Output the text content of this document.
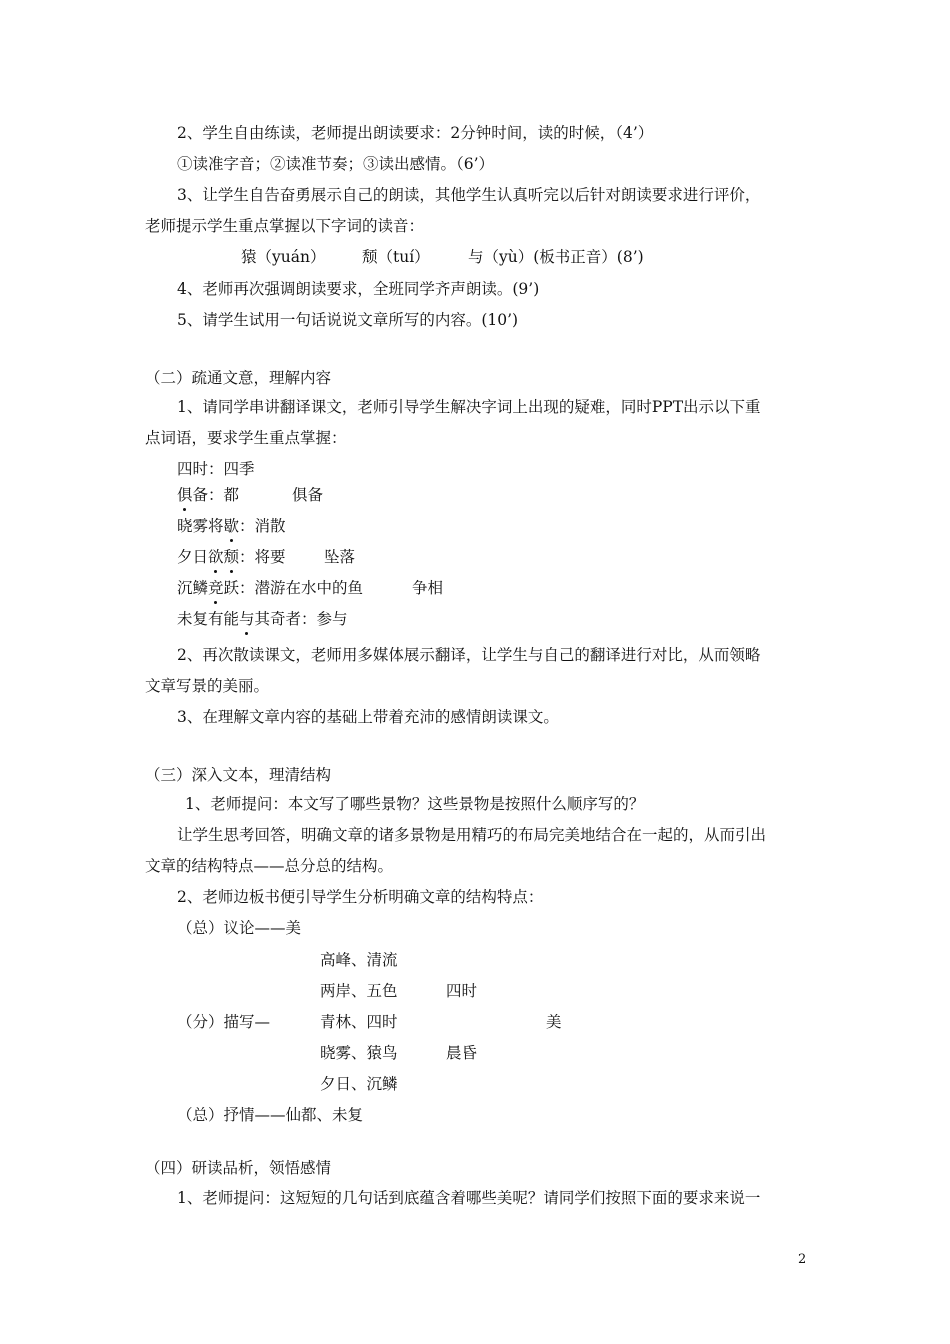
2、学生自由练读，老师提出朗读要求：2分钟时间，读的时候，（4’）
①读准字音；②读准节奏；③读出感情。（6’）
3、让学生自告奋勇展示自己的朗读，其他学生认真听完以后针对朗读要求进行评价，
老师提示学生重点掌握以下字词的读音：
猿（yuán） 颓（tuí） 与（yù）(板书正音）(8’)
4、老师再次强调朗读要求，全班同学齐声朗读。(9’)
5、请学生试用一句话说说文章所写的内容。(10’)
（二）疏通文意，理解内容
1、请同学串讲翻译课文，老师引导学生解决字词上出现的疑难，同时PPT出示以下重
点词语，要求学生重点掌握：
四时：四季
俱备：都	俱备
晓雾将歇：消散
夕日欲颓：将要 坠落
沉鳞竞跃：潜游在水中的鱼	争相
未复有能与其奇者：参与
2、再次散读课文，老师用多媒体展示翻译，让学生与自己的翻译进行对比，从而领略
文章写景的美丽。
3、在理解文章内容的基础上带着充沛的感情朗读课文。
（三）深入文本，理清结构
1、老师提问：本文写了哪些景物？这些景物是按照什么顺序写的？
让学生思考回答，明确文章的诸多景物是用精巧的布局完美地结合在一起的，从而引出
文章的结构特点——总分总的结构。
2、老师边板书便引导学生分析明确文章的结构特点：
（总）议论——美
高峰、清流
两岸、五色	四时
（分）描写—	青林、四时	美
晓雾、猿鸟	晨昏
夕日、沉鳞
（总）抒情——仙都、未复
（四）研读品析，领悟感情
1、老师提问：这短短的几句话到底蕴含着哪些美呢？请同学们按照下面的要求来说一
2
